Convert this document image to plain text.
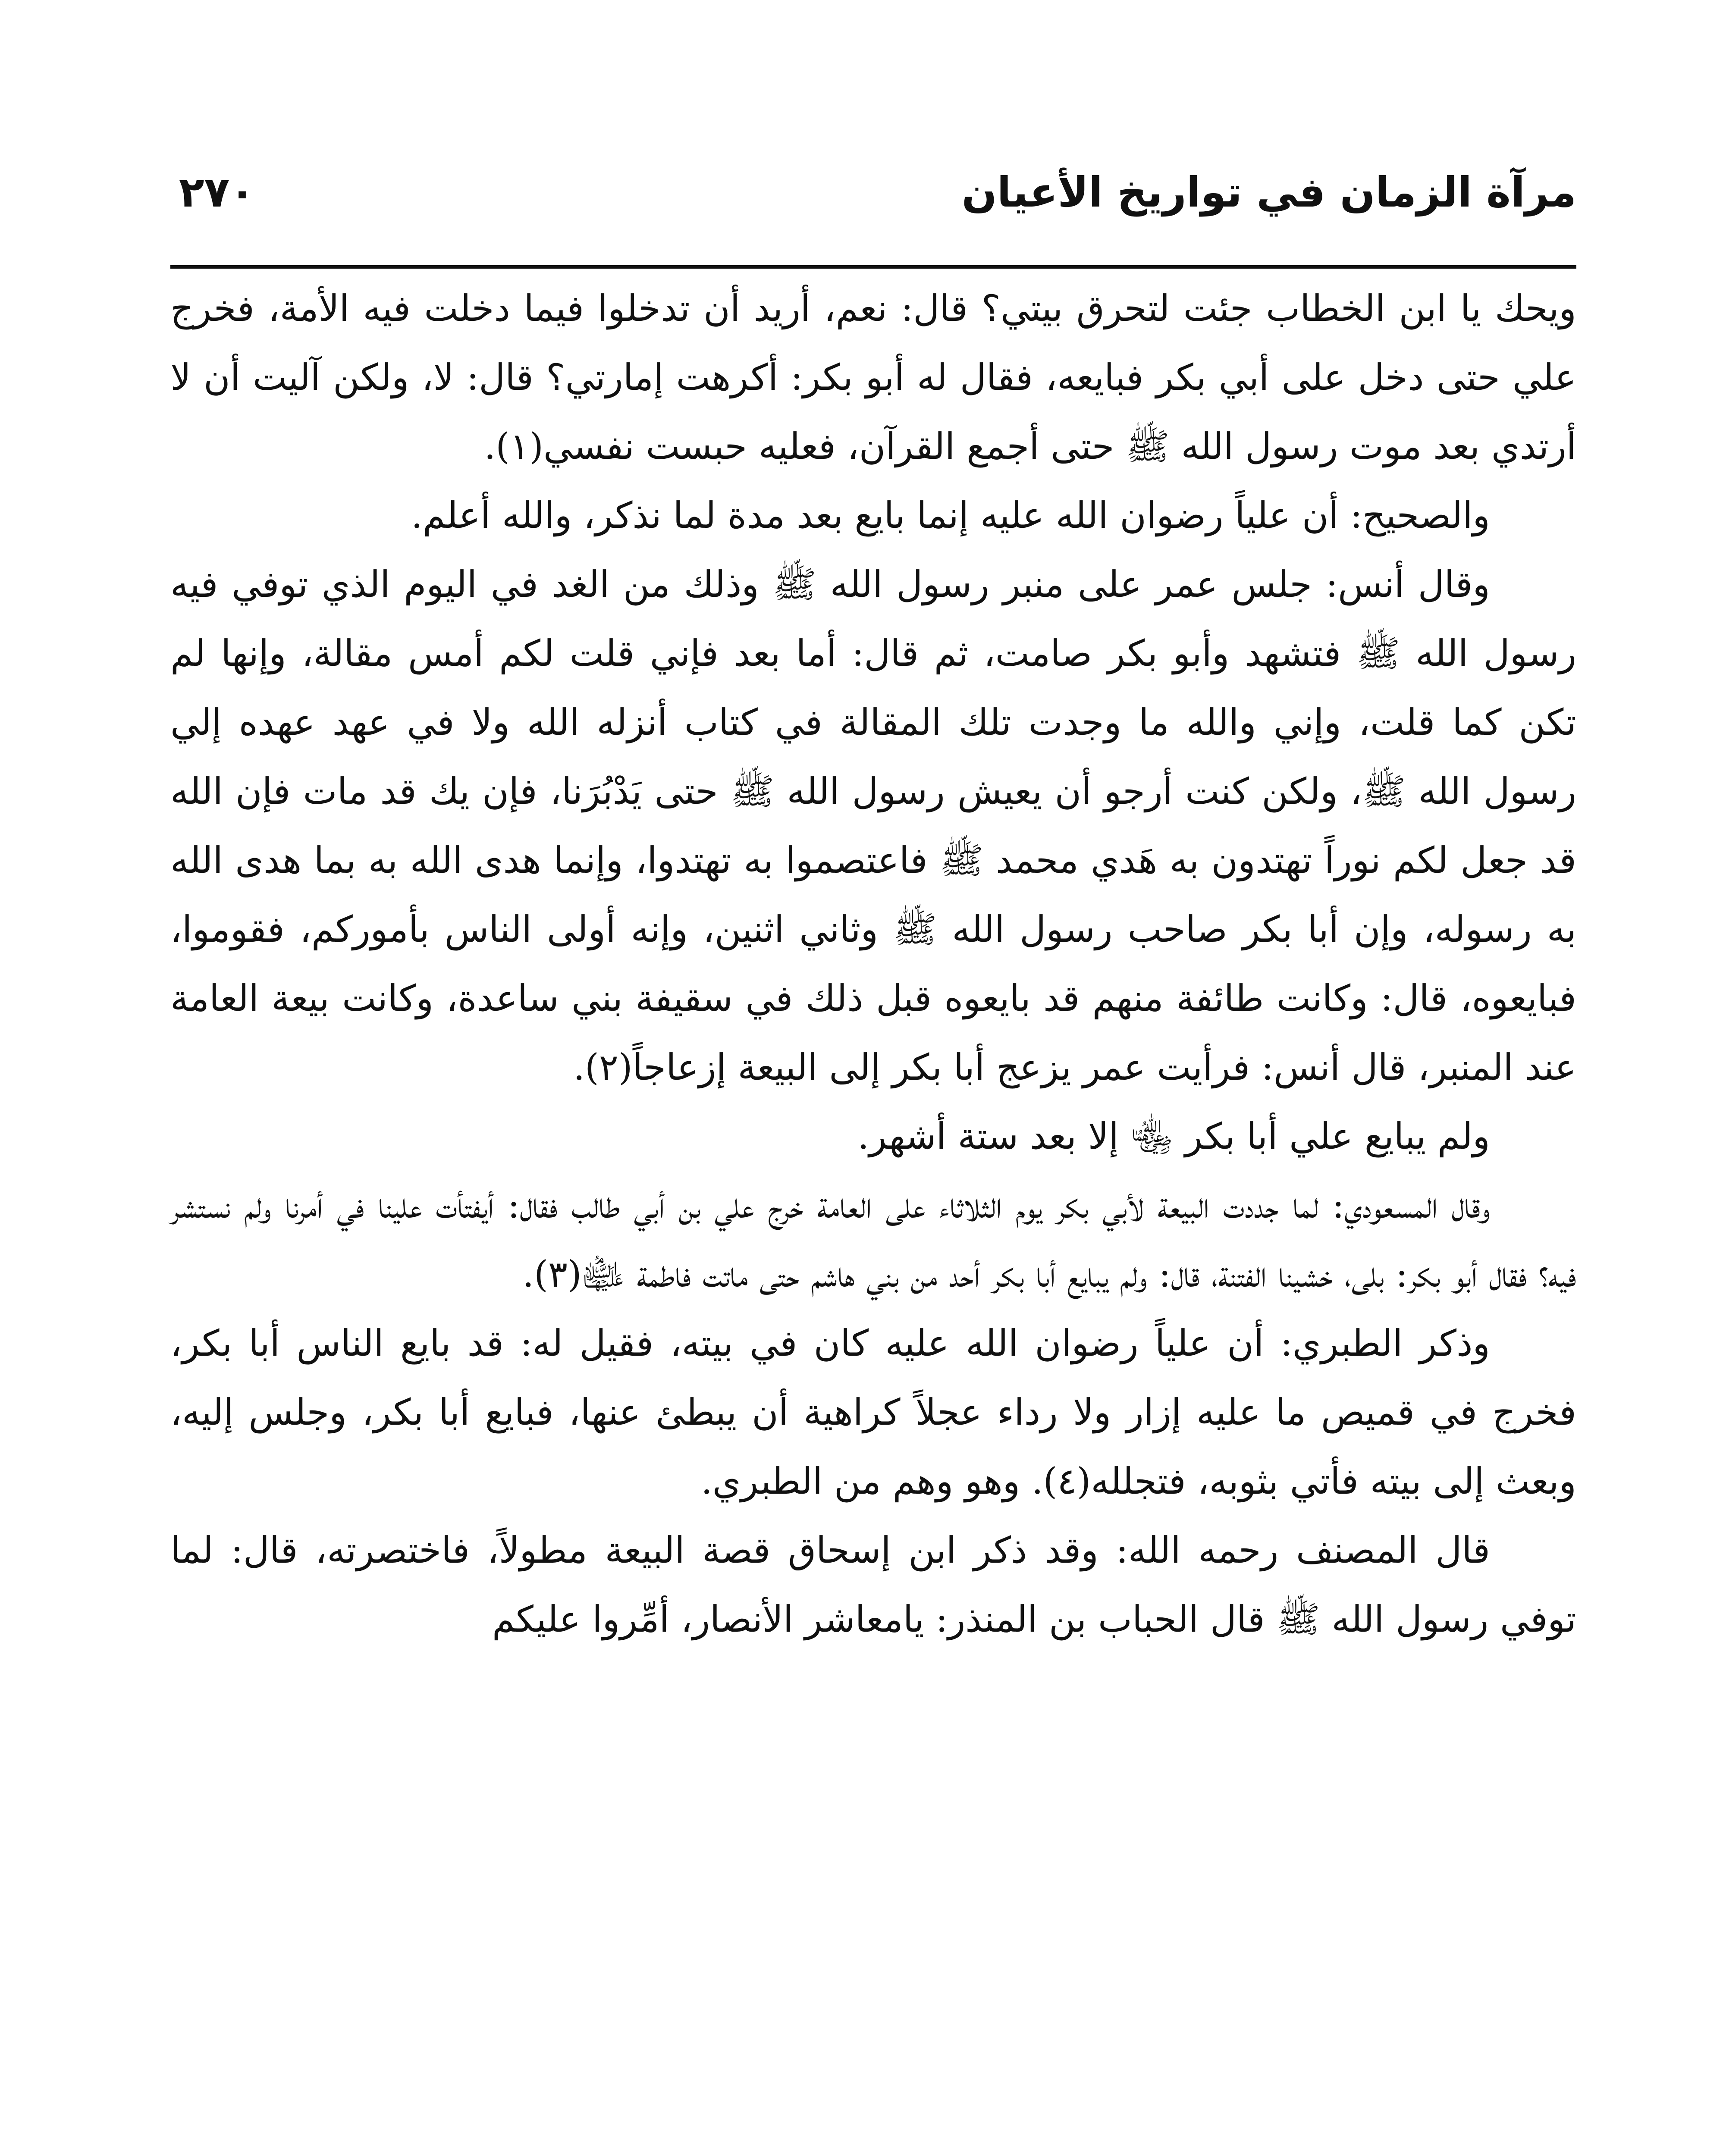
مرآة الزمان في تواريخ الأعيان
٢٧٠

ويحك يا ابن الخطاب جئت لتحرق بيتي؟ قال: نعم، أريد أن تدخلوا فيما دخلت فيه الأمة، فخرج علي حتى دخل على أبي بكر فبايعه، فقال له أبو بكر: أكرهت إمارتي؟ قال: لا، ولكن آليت أن لا أرتدي بعد موت رسول الله ﷺ حتى أجمع القرآن، فعليه حبست نفسي(١).

والصحيح: أن علياً رضوان الله عليه إنما بايع بعد مدة لما نذكر، والله أعلم.

وقال أنس: جلس عمر على منبر رسول الله ﷺ وذلك من الغد في اليوم الذي توفي فيه رسول الله ﷺ فتشهد وأبو بكر صامت، ثم قال: أما بعد فإني قلت لكم أمس مقالة، وإنها لم تكن كما قلت، وإني والله ما وجدت تلك المقالة في كتاب أنزله الله ولا في عهد عهده إلي رسول الله ﷺ، ولكن كنت أرجو أن يعيش رسول الله ﷺ حتى يَدْبُرَنا، فإن يك قد مات فإن الله قد جعل لكم نوراً تهتدون به هَدي محمد ﷺ فاعتصموا به تهتدوا، وإنما هدى الله به بما هدى الله به رسوله، وإن أبا بكر صاحب رسول الله ﷺ وثاني اثنين، وإنه أولى الناس بأموركم، فقوموا، فبايعوه، قال: وكانت طائفة منهم قد بايعوه قبل ذلك في سقيفة بني ساعدة، وكانت بيعة العامة عند المنبر، قال أنس: فرأيت عمر يزعج أبا بكر إلى البيعة إزعاجاً(٢).

ولم يبايع علي أبا بكر ﵄ إلا بعد ستة أشهر.

وقال المسعودي: لما جددت البيعة لأبي بكر يوم الثلاثاء على العامة خرج علي بن أبي طالب فقال: أيفتأت علينا في أمرنا ولم نستشر فيه؟ فقال أبو بكر: بلى، خشينا الفتنة، قال: ولم يبايع أبا بكر أحد من بني هاشم حتى ماتت فاطمة ﵍(٣).

وذكر الطبري: أن علياً رضوان الله عليه كان في بيته، فقيل له: قد بايع الناس أبا بكر، فخرج في قميص ما عليه إزار ولا رداء عجلاً كراهية أن يبطئ عنها، فبايع أبا بكر، وجلس إليه، وبعث إلى بيته فأتي بثوبه، فتجلله(٤). وهو وهم من الطبري.

قال المصنف رحمه الله: وقد ذكر ابن إسحاق قصة البيعة مطولاً، فاختصرته، قال: لما توفي رسول الله ﷺ قال الحباب بن المنذر: يامعاشر الأنصار، أمِّروا عليكم
